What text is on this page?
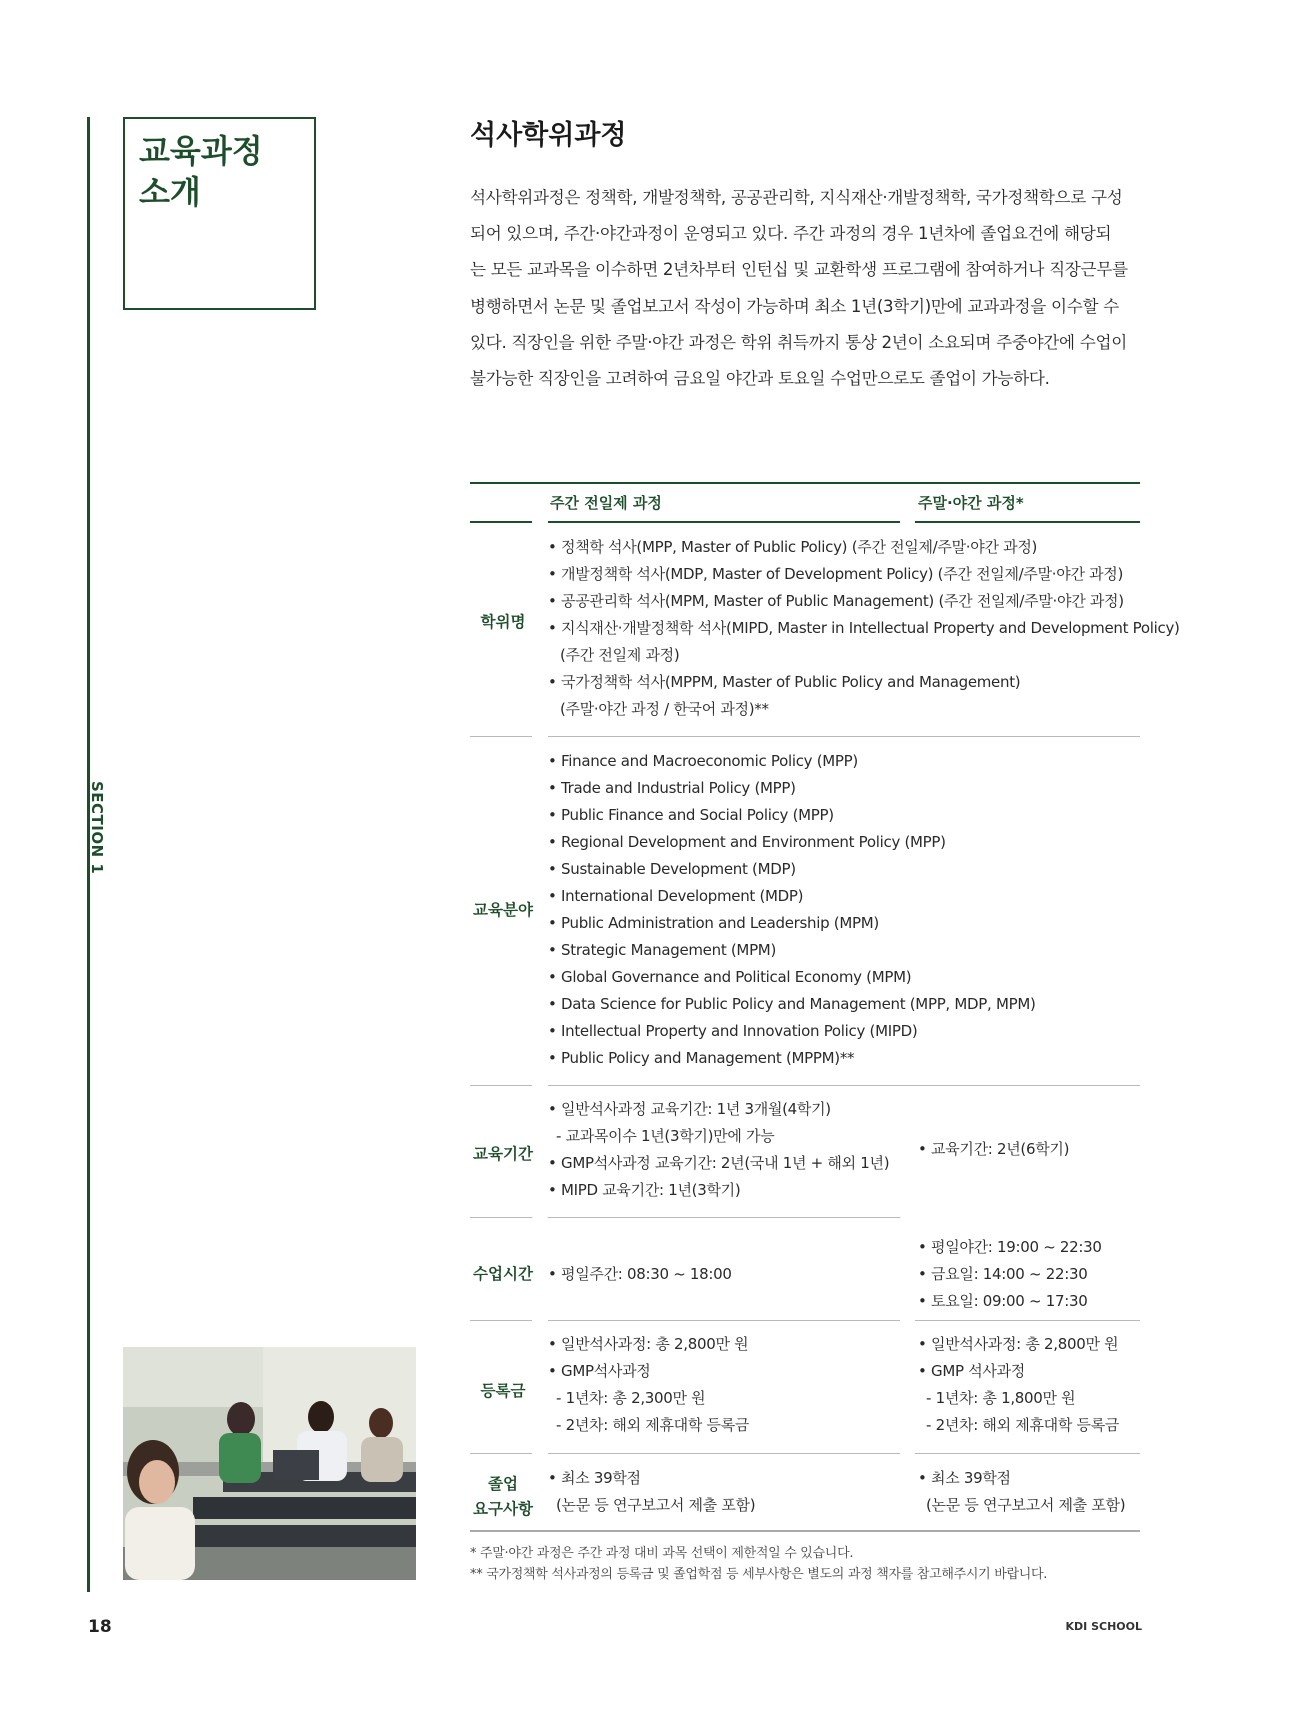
SECTION 1
교육과정
소개
18	KDI SCHOOL
석사학위과정
석사학위과정은 정책학, 개발정책학, 공공관리학, 지식재산·개발정책학, 국가정책학으로 구성
되어 있으며, 주간·야간과정이 운영되고 있다. 주간 과정의 경우 1년차에 졸업요건에 해당되
는 모든 교과목을 이수하면 2년차부터 인턴십 및 교환학생 프로그램에 참여하거나 직장근무를
병행하면서 논문 및 졸업보고서 작성이 가능하며 최소 1년(3학기)만에 교과과정을 이수할 수
있다. 직장인을 위한 주말·야간 과정은 학위 취득까지 통상 2년이 소요되며 주중야간에 수업이
불가능한 직장인을 고려하여 금요일 야간과 토요일 수업만으로도 졸업이 가능하다.
주간 전일제 과정	주말·야간 과정*
학위명
• 정책학 석사(MPP, Master of Public Policy) (주간 전일제/주말·야간 과정)
• 개발정책학 석사(MDP, Master of Development Policy) (주간 전일제/주말·야간 과정)
• 공공관리학 석사(MPM, Master of Public Management) (주간 전일제/주말·야간 과정)
• 지식재산·개발정책학 석사(MIPD, Master in Intellectual Property and Development Policy)
(주간 전일제 과정)
• 국가정책학 석사(MPPM, Master of Public Policy and Management)
(주말·야간 과정 / 한국어 과정)**
교육분야
• Finance and Macroeconomic Policy (MPP)
• Trade and Industrial Policy (MPP)
• Public Finance and Social Policy (MPP)
• Regional Development and Environment Policy (MPP)
• Sustainable Development (MDP)
• International Development (MDP)
• Public Administration and Leadership (MPM)
• Strategic Management (MPM)
• Global Governance and Political Economy (MPM)
• Data Science for Public Policy and Management (MPP, MDP, MPM)
• Intellectual Property and Innovation Policy (MIPD)
• Public Policy and Management (MPPM)**
교육기간
• 일반석사과정 교육기간: 1년 3개월(4학기)
- 교과목이수 1년(3학기)만에 가능
• GMP석사과정 교육기간: 2년(국내 1년 + 해외 1년)
• MIPD 교육기간: 1년(3학기)
• 교육기간: 2년(6학기)
수업시간 • 평일주간: 08:30 ~ 18:00
• 평일야간: 19:00 ~ 22:30
• 금요일: 14:00 ~ 22:30
• 토요일: 09:00 ~ 17:30
등록금
• 일반석사과정: 총 2,800만 원
• GMP석사과정
- 1년차: 총 2,300만 원
- 2년차: 해외 제휴대학 등록금
• 일반석사과정: 총 2,800만 원
• GMP 석사과정
- 1년차: 총 1,800만 원
- 2년차: 해외 제휴대학 등록금
졸업
요구사항
• 최소 39학점
(논문 등 연구보고서 제출 포함)
• 최소 39학점
(논문 등 연구보고서 제출 포함)
* 주말·야간 과정은 주간 과정 대비 과목 선택이 제한적일 수 있습니다.
** 국가정책학 석사과정의 등록금 및 졸업학점 등 세부사항은 별도의 과정 책자를 참고해주시기 바랍니다.
